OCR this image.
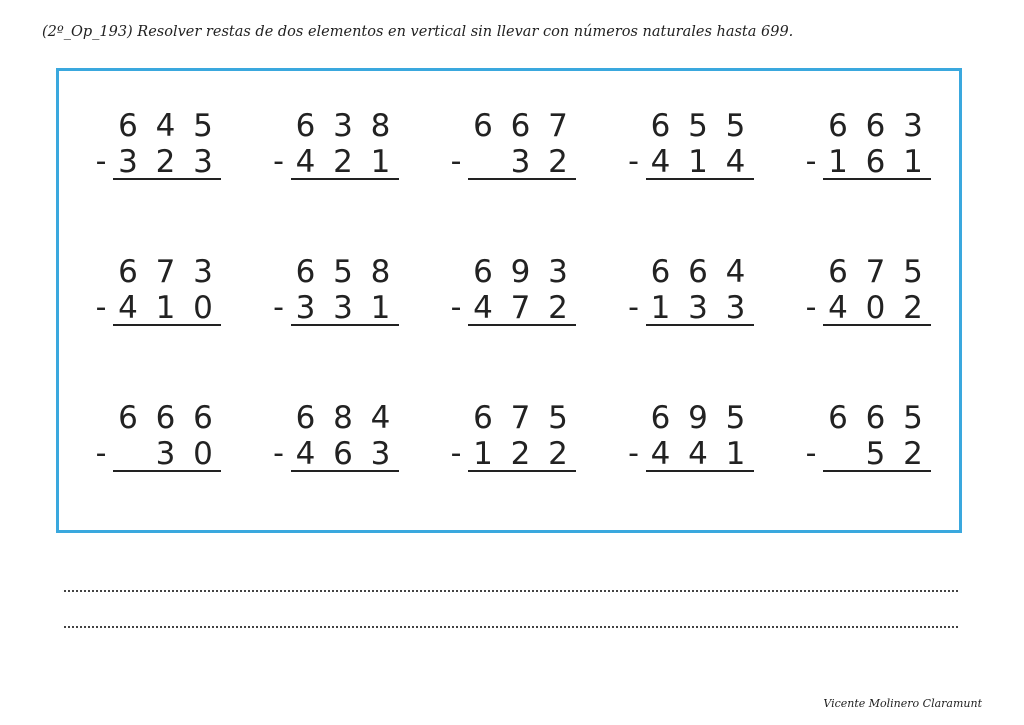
(2º_Op_193) Resolver restas de dos elementos en vertical sin llevar con números naturales hasta 699.
6 4 5
- 3 2 3
6 3 8
- 4 2 1
6 6 7
- 3 2
6 5 5
- 4 1 4
6 6 3
- 1 6 1
6 7 3
- 4 1 0
6 5 8
- 3 3 1
6 9 3
- 4 7 2
6 6 4
- 1 3 3
6 7 5
- 4 0 2
6 6 6
- 3 0
6 8 4
- 4 6 3
6 7 5
- 1 2 2
6 9 5
- 4 4 1
6 6 5
- 5 2
Vicente Molinero Claramunt
